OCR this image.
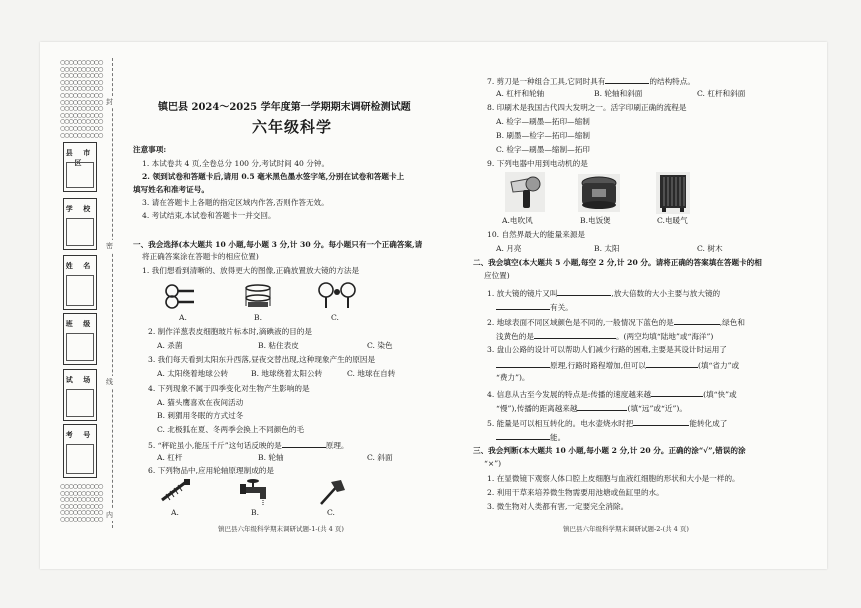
○○○○○○○○○○
○○○○○○○○○○
○○○○○○○○○○
○○○○○○○○○○
○○○○○○○○○○
○○○○○○○○○○
○○○○○○○○○○
○○○○○○○○○○
○○○○○○○○○○
○○○○○○○○○○
○○○○○○○○○○
○○○○○○○○○○
○○○○○○○○○○
○○○○○○○○○○
○○○○○○○○○○
○○○○○○○○○○
○○○○○○○○○○
○○○○○○○○○○
县 市 区
学 校
姓 名
班 级
试 场
考 号
封
密
线
内
镇巴县 2024～2025 学年度第一学期期末调研检测试题
六年级科学
注意事项:
1. 本试卷共 4 页,全卷总分 100 分,考试时间 40 分钟。
2. 领到试卷和答题卡后,请用 0.5 毫米黑色墨水签字笔,分别在试卷和答题卡上
填写姓名和准考证号。
3. 请在答题卡上各题的指定区域内作答,否则作答无效。
4. 考试结束,本试卷和答题卡一并交回。
一、我会选择(本大题共 10 小题,每小题 3 分,计 30 分。每小题只有一个正确答案,请
将正确答案涂在答题卡的相应位置)
1. 我们想看到清晰的、放得更大的图像,正确放置放大镜的方法是
A.	B.	C.
2. 制作洋葱表皮细胞玻片标本时,滴碘液的目的是
A. 杀菌	B. 粘住表皮	C. 染色
3. 我们每天看到太阳东升西落,昼夜交替出现,这种现象产生的原因是
A. 太阳绕着地球公转	B. 地球绕着太阳公转	C. 地球在自转
4. 下列现象不属于四季变化对生物产生影响的是
A. 猫头鹰喜欢在夜间活动
B. 刺猬用冬眠的方式过冬
C. 北极狐在夏、冬两季会换上不同颜色的毛
5. “秤砣虽小,能压千斤”这句话反映的是	原理。
A. 杠杆	B. 轮轴	C. 斜面
6. 下列物品中,应用轮轴原理制成的是
A.	B.	C.
镇巴县六年级科学期末调研试题-1-(共 4 页)
7. 剪刀是一种组合工具,它同时具有	的结构特点。
A. 杠杆和轮轴	B. 轮轴和斜面	C. 杠杆和斜面
8. 印刷术是我国古代四大发明之一。活字印刷正确的流程是
A. 检字—刷墨—拓印—缩制
B. 刷墨—检字—拓印—缩制
C. 检字—刷墨—缩制—拓印
9. 下列电器中用到电动机的是
A.电吹风	B.电饭煲	C.电暖气
10. 自然界最大的能量来源是
A. 月亮	B. 太阳	C. 树木
二、我会填空(本大题共 5 小题,每空 2 分,计 20 分。请将正确的答案填在答题卡的相
应位置)
1. 放大镜的镜片又叫	,放大倍数的大小主要与放大镜的
有关。
2. 地球表面不同区域颜色是不同的,一般情况下蓝色的是	,绿色和
浅黄色的是	。(两空均填“陆地”或“海洋”)
3. 盘山公路的设计可以帮助人们减少行路的困难,主要是其设计时运用了
原理,行路时路程增加,但可以	(填“省力”或
“费力”)。
4. 信息从古至今发展的特点是:传播的速度越来越	(填“快”或
“慢”),传播的距离越来越	(填“远”或“近”)。
5. 能量是可以相互转化的。电水壶烧水时把	能转化成了
能。
三、我会判断(本大题共 10 小题,每小题 2 分,计 20 分。正确的涂“√”,错误的涂
“×”)
1. 在显微镜下观察人体口腔上皮细胞与血液红细胞的形状和大小是一样的。
2. 利用干草来培养微生物需要用池塘或鱼缸里的水。
3. 微生物对人类都有害,一定要完全消除。
镇巴县六年级科学期末调研试题-2-(共 4 页)
